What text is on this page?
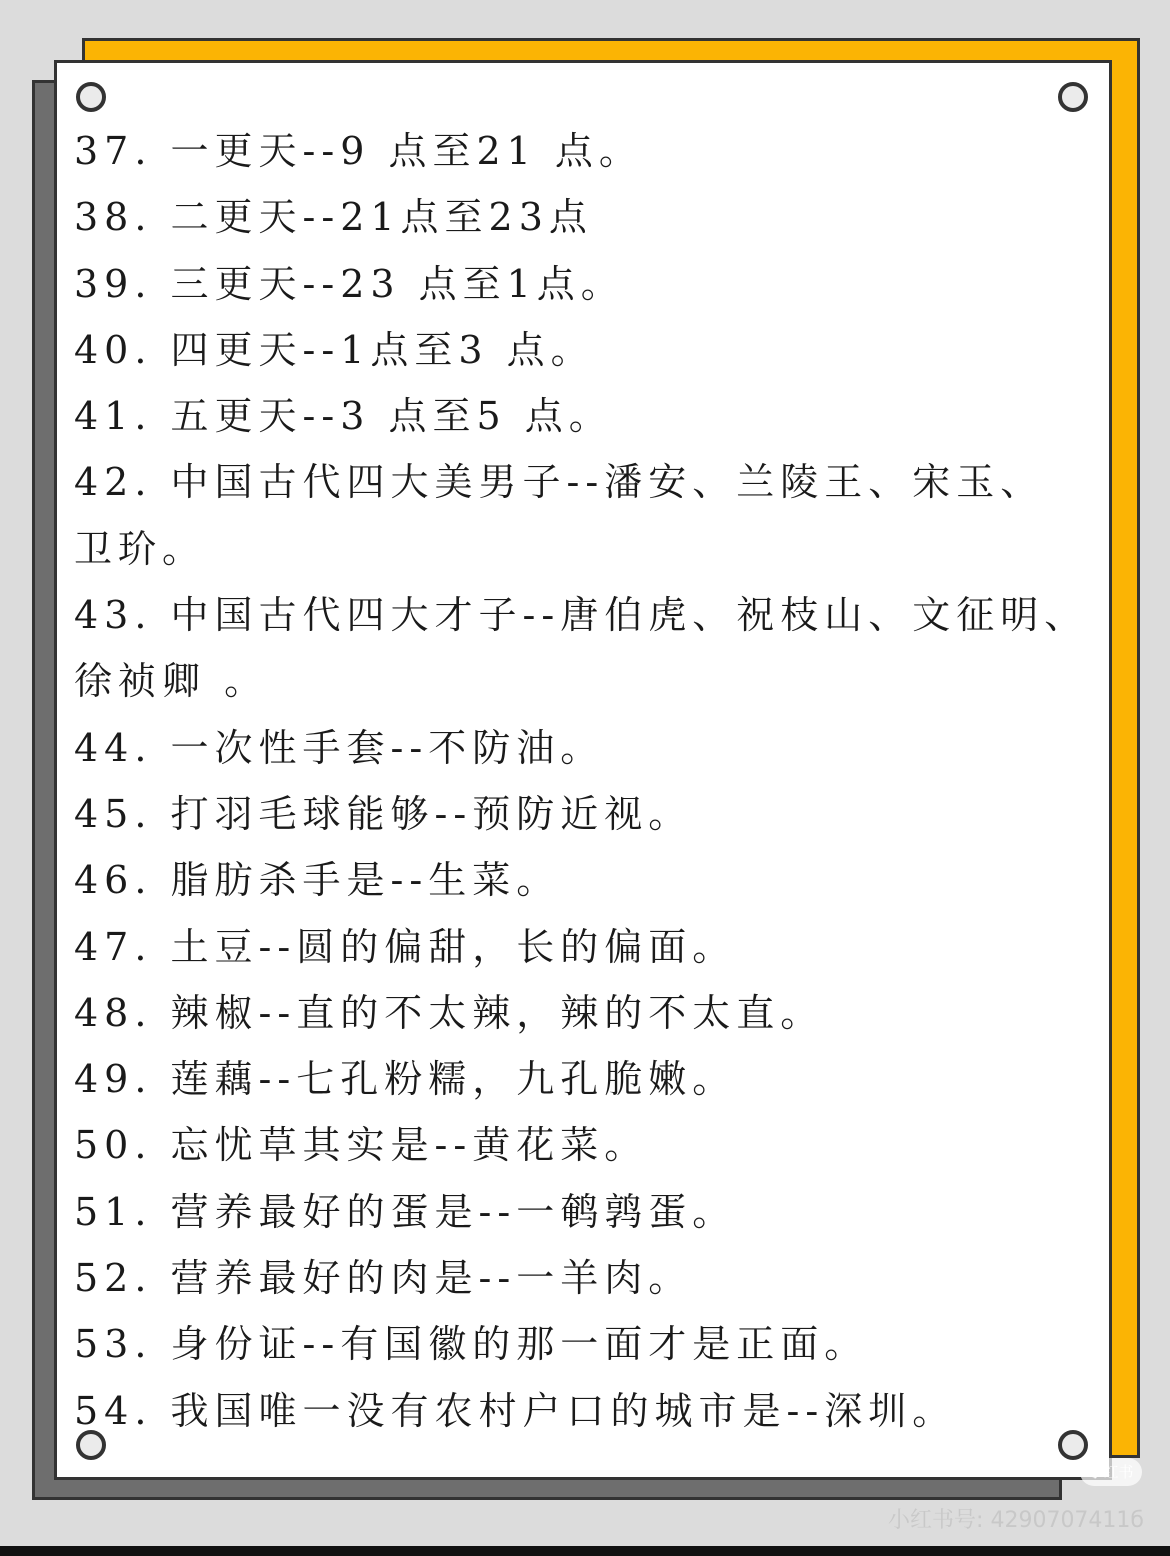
37. 一更天--9 点至21 点。
38. 二更天--21点至23点
39. 三更天--23 点至1点。
40. 四更天--1点至3 点。
41. 五更天--3 点至5 点。
42. 中国古代四大美男子--潘安、兰陵王、宋玉、
卫玠。
43. 中国古代四大才子--唐伯虎、祝枝山、文征明、
徐祯卿 。
44. 一次性手套--不防油。
45. 打羽毛球能够--预防近视。
46. 脂肪杀手是--生菜。
47. 土豆--圆的偏甜，长的偏面。
48. 辣椒--直的不太辣，辣的不太直。
49. 莲藕--七孔粉糯，九孔脆嫩。
50. 忘忧草其实是--黄花菜。
51. 营养最好的蛋是--一鹌鹑蛋。
52. 营养最好的肉是--一羊肉。
53. 身份证--有国徽的那一面才是正面。
54. 我国唯一没有农村户口的城市是--深圳。
小红书
小红书号: 4290707411б
